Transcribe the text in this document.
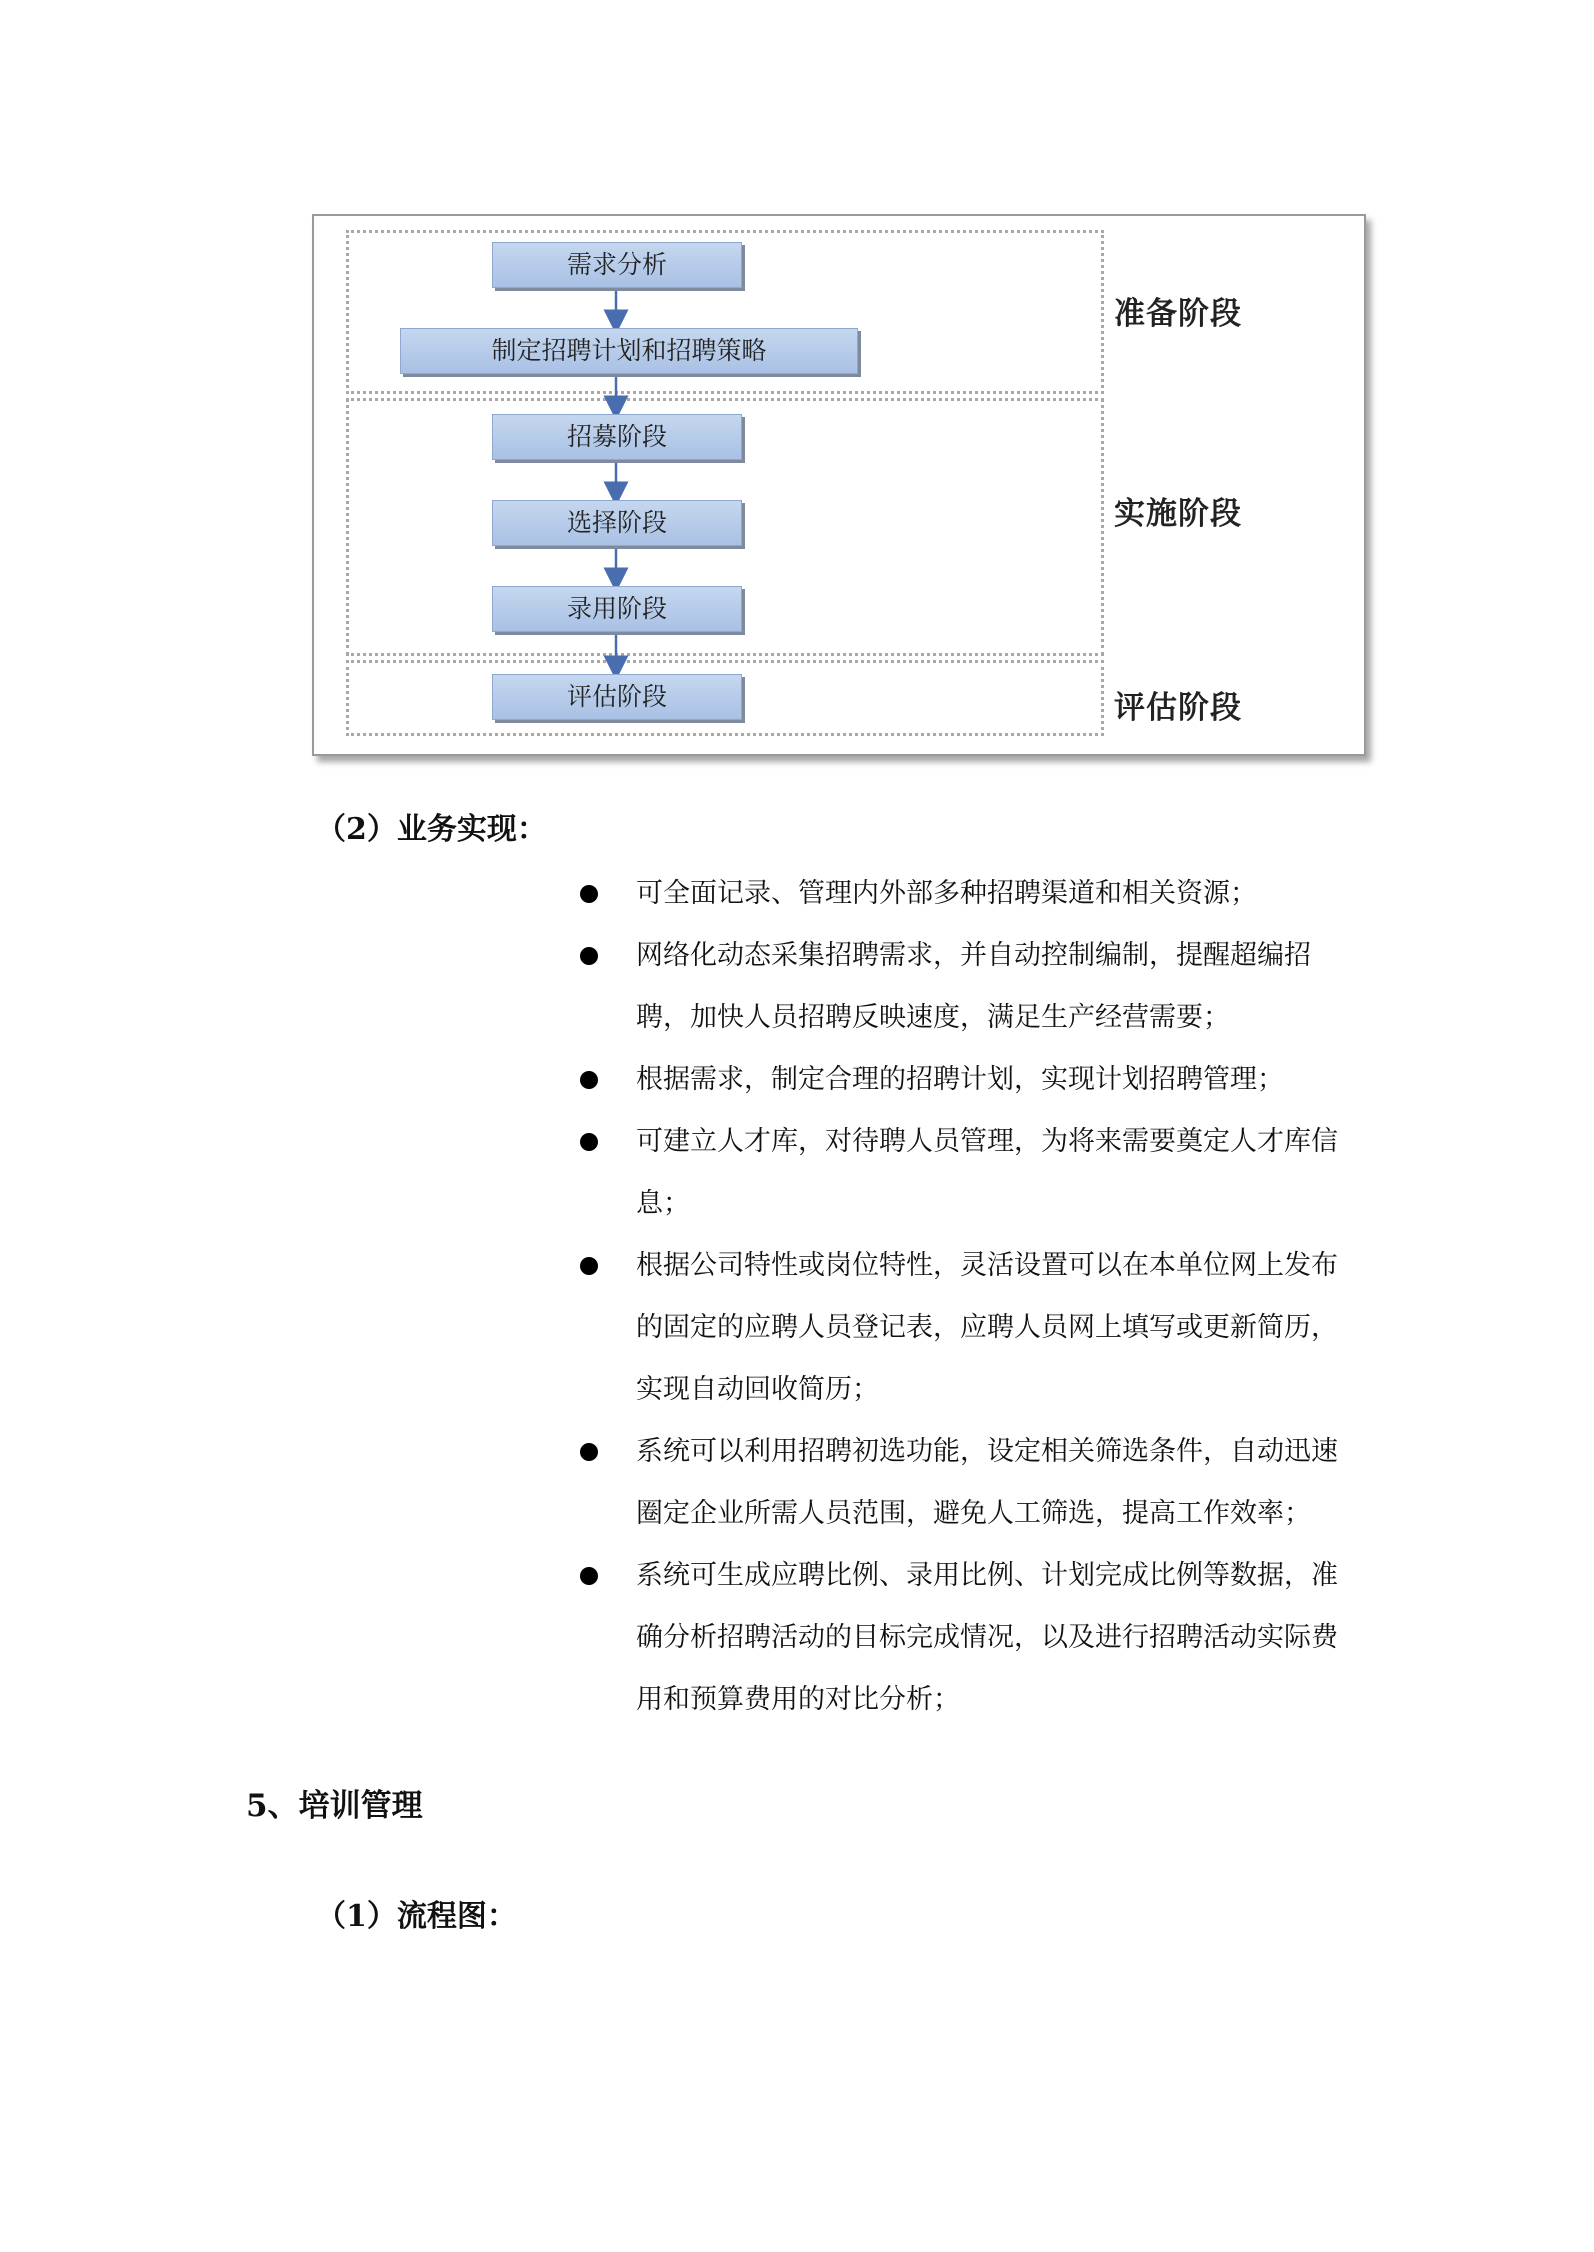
需求分析
制定招聘计划和招聘策略
招募阶段
选择阶段
录用阶段
评估阶段
准备阶段
实施阶段
评估阶段
（2）业务实现：
可全面记录、管理内外部多种招聘渠道和相关资源；
网络化动态采集招聘需求，并自动控制编制，提醒超编招聘，加快人员招聘反映速度，满足生产经营需要；
根据需求，制定合理的招聘计划，实现计划招聘管理；
可建立人才库，对待聘人员管理，为将来需要奠定人才库信息；
根据公司特性或岗位特性，灵活设置可以在本单位网上发布的固定的应聘人员登记表，应聘人员网上填写或更新简历，实现自动回收简历；
系统可以利用招聘初选功能，设定相关筛选条件，自动迅速圈定企业所需人员范围，避免人工筛选，提高工作效率；
系统可生成应聘比例、录用比例、计划完成比例等数据，准确分析招聘活动的目标完成情况，以及进行招聘活动实际费用和预算费用的对比分析；
5、培训管理
（1）流程图：
